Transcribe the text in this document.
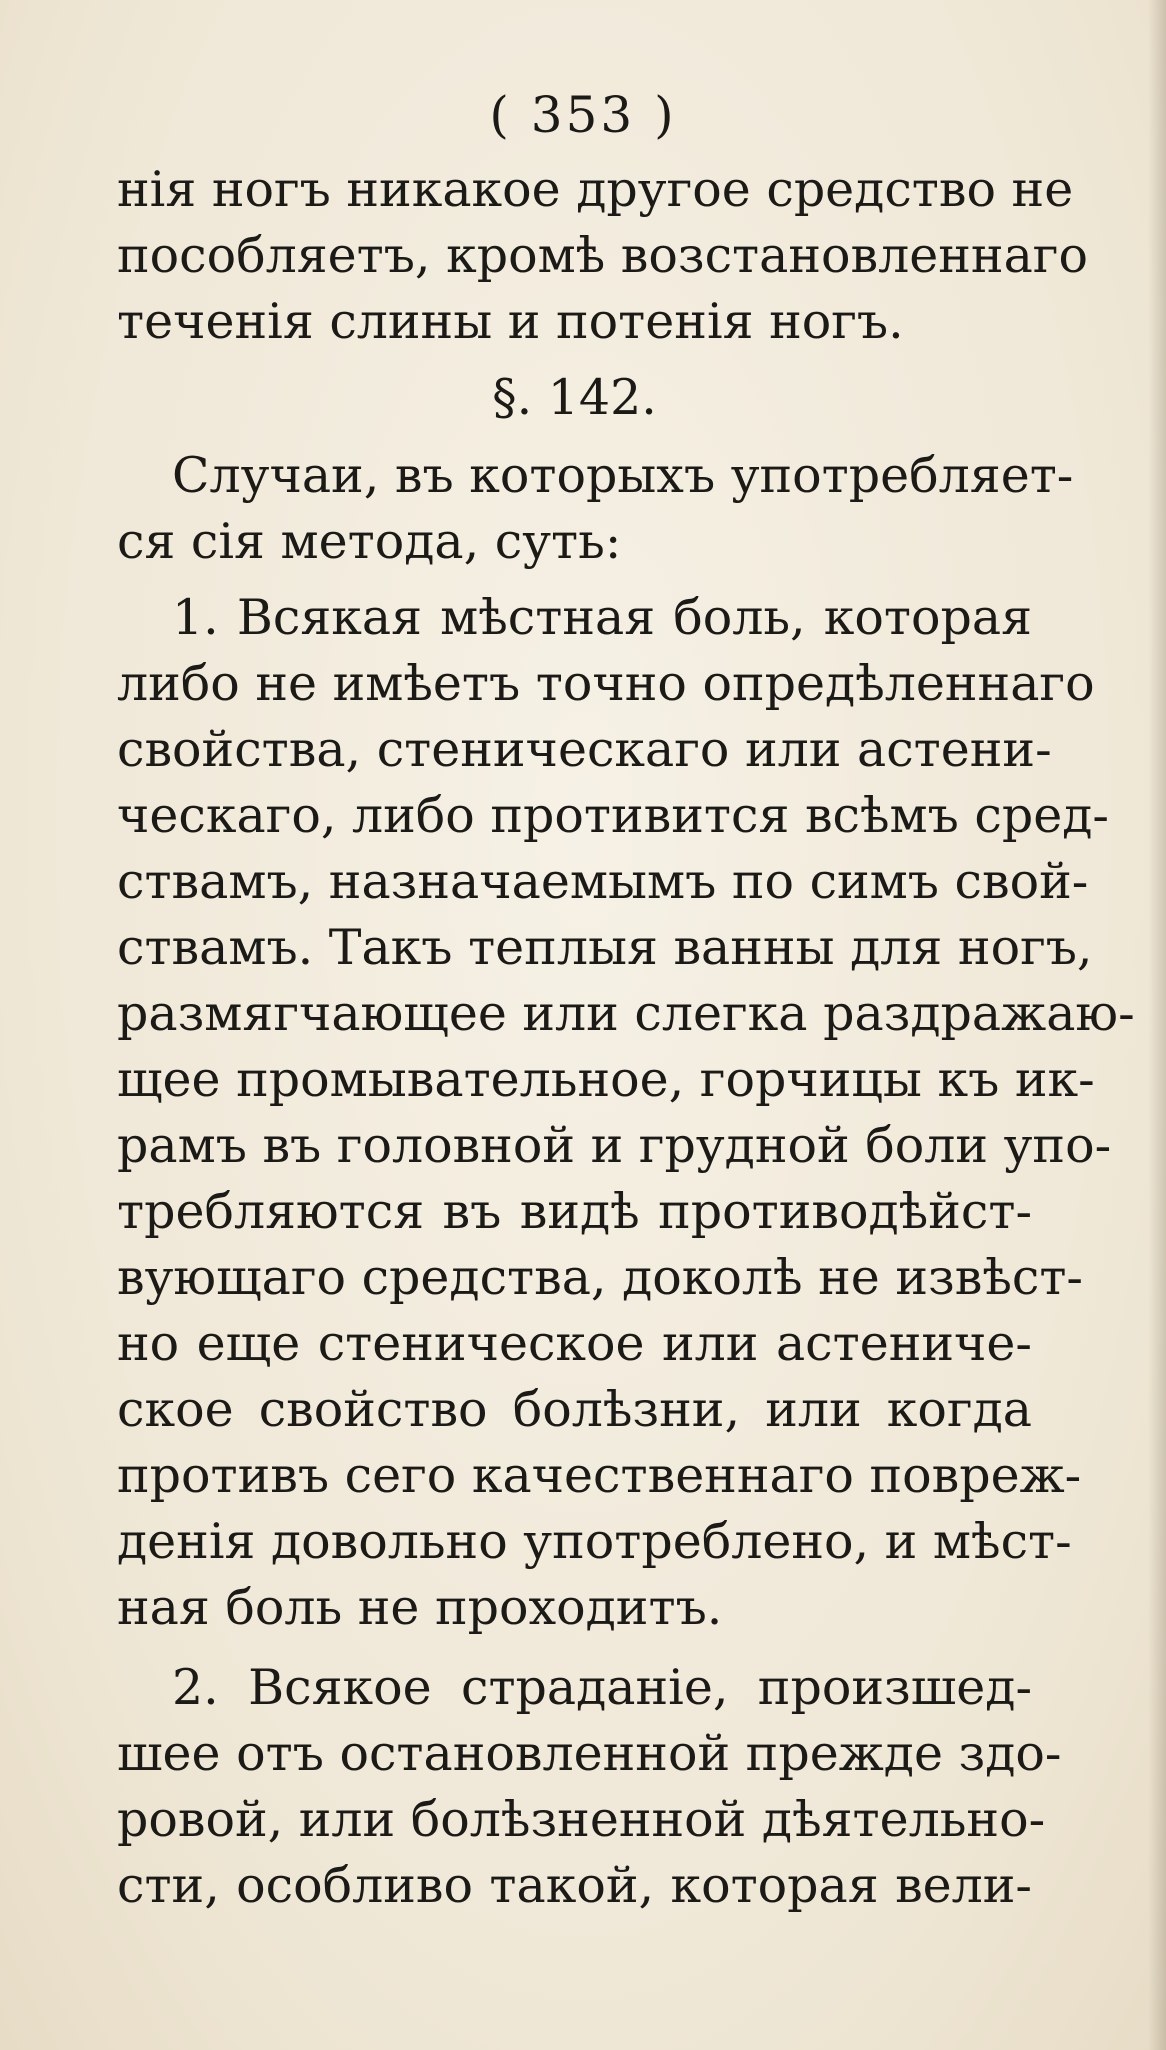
( 353 )
нія ногъ никакое другое средство не
пособляетъ, кромѣ возстановленнаго
теченія слины и потенія ногъ.
§. 142.
Случаи, въ которыхъ употребляет-
ся сія метода, суть:
1. Всякая мѣстная боль, которая
либо не имѣетъ точно опредѣленнаго
свойства, стеническаго или астени-
ческаго, либо противится всѣмъ сред-
ствамъ, назначаемымъ по симъ свой-
ствамъ. Такъ теплыя ванны для ногъ,
размягчающее или слегка раздражаю-
щее промывательное, горчицы къ ик-
рамъ въ головной и грудной боли упо-
требляются въ видѣ противодѣйст-
вующаго средства, доколѣ не извѣст-
но еще стеническое или астениче-
ское свойство болѣзни, или когда
противъ сего качественнаго повреж-
денія довольно употреблено, и мѣст-
ная боль не проходитъ.
2. Всякое страданіе, произшед-
шее отъ остановленной прежде здо-
ровой, или болѣзненной дѣятельно-
сти, особливо такой, которая вели-
